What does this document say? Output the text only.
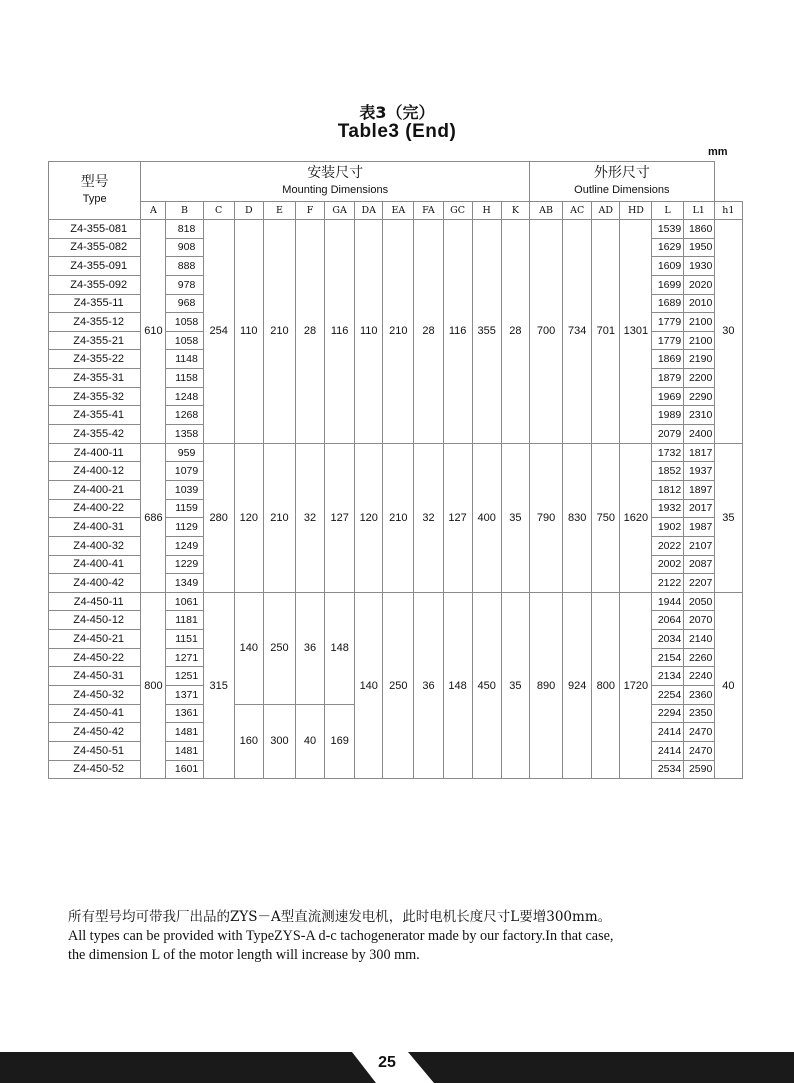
表3（完）
Table3 (End)
mm
型号
Type	安装尺寸
Mounting Dimensions													外形尺寸
Outline Dimensions						
	A	B	C	D	E	F	GA	DA	EA	FA	GC	H	K	AB	AC	AD	HD	L	L1	h1
Z4-355-081	610	818	254	110	210	28	116	110	210	28	116	355	28	700	734	701	1301	1539	1860	30
Z4-355-082		908																1629	1950	
Z4-355-091		888																1609	1930	
Z4-355-092		978																1699	2020	
Z4-355-11		968																1689	2010	
Z4-355-12		1058																1779	2100	
Z4-355-21		1058																1779	2100	
Z4-355-22		1148																1869	2190	
Z4-355-31		1158																1879	2200	
Z4-355-32		1248																1969	2290	
Z4-355-41		1268																1989	2310	
Z4-355-42		1358																2079	2400	
Z4-400-11	686	959	280	120	210	32	127	120	210	32	127	400	35	790	830	750	1620	1732	1817	35
Z4-400-12		1079																1852	1937	
Z4-400-21		1039																1812	1897	
Z4-400-22		1159																1932	2017	
Z4-400-31		1129																1902	1987	
Z4-400-32		1249																2022	2107	
Z4-400-41		1229																2002	2087	
Z4-400-42		1349																2122	2207	
Z4-450-11	800	1061	315	140	250	36	148	140	250	36	148	450	35	890	924	800	1720	1944	2050	40
Z4-450-12		1181																2064	2070	
Z4-450-21		1151																2034	2140	
Z4-450-22		1271																2154	2260	
Z4-450-31		1251																2134	2240	
Z4-450-32		1371																2254	2360	
Z4-450-41		1361		160	300	40	169											2294	2350	
Z4-450-42		1481																2414	2470	
Z4-450-51		1481																2414	2470	
Z4-450-52		1601																2534	2590	
所有型号均可带我厂出品的ZYS－A型直流测速发电机，此时电机长度尺寸L要增300mm。
All types can be provided with TypeZYS-A d-c tachogenerator made by our factory.In that case,
the dimension L of the motor length will increase by 300 mm.
25
